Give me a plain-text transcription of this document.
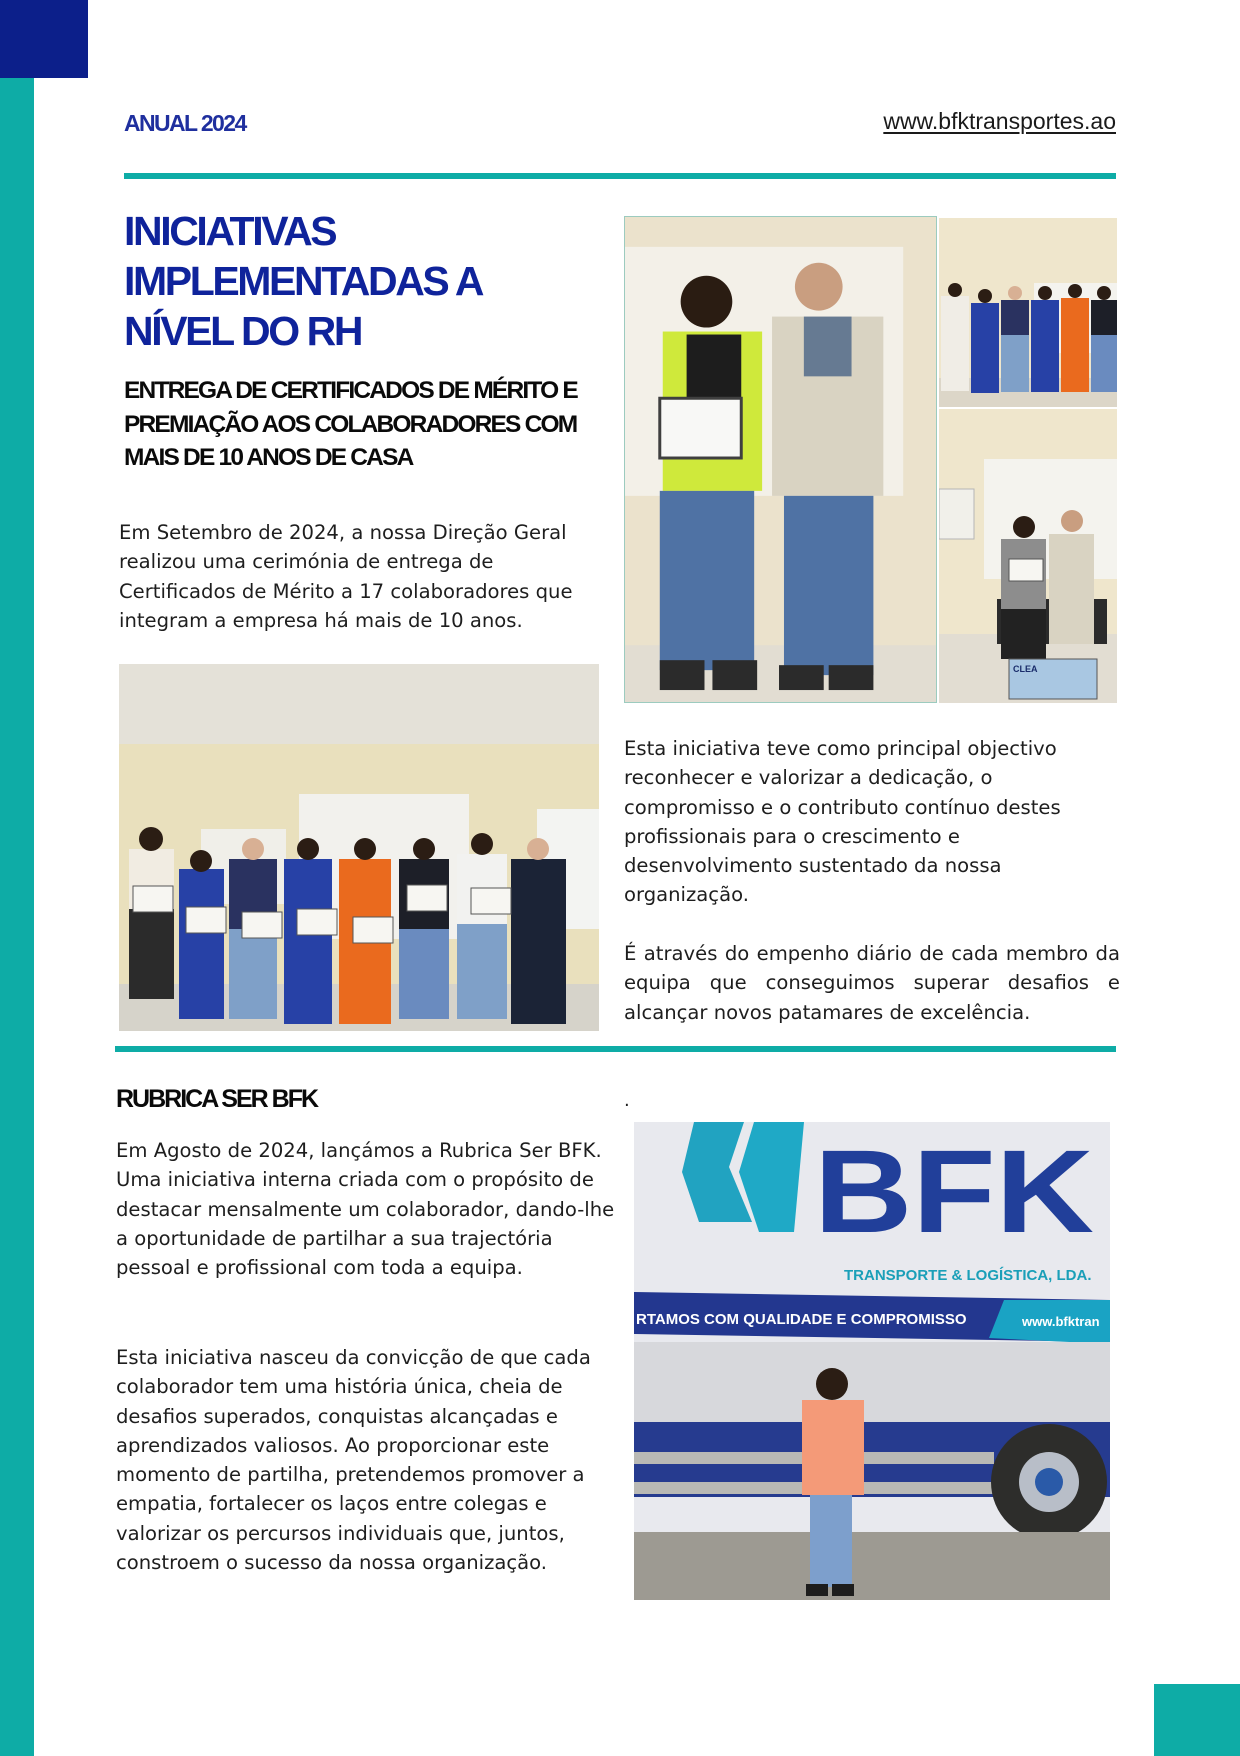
ANUAL 2024	www.bfktransportes.ao
INICIATIVAS IMPLEMENTADAS A NÍVEL DO RH
ENTREGA DE CERTIFICADOS DE MÉRITO E PREMIAÇÃO AOS COLABORADORES COM MAIS DE 10 ANOS DE CASA

Em Setembro de 2024, a nossa Direção Geral realizou uma cerimónia de entrega de Certificados de Mérito a 17 colaboradores que integram a empresa há mais de 10 anos.

CLEA

Esta iniciativa teve como principal objectivo reconhecer e valorizar a dedicação, o compromisso e o contributo contínuo destes profissionais para o crescimento e desenvolvimento sustentado da nossa organização.

É através do empenho diário de cada membro da equipa que conseguimos superar desafios e alcançar novos patamares de excelência.

RUBRICA SER BFK	.

Em Agosto de 2024, lançámos a Rubrica Ser BFK. Uma iniciativa interna criada com o propósito de destacar mensalmente um colaborador, dando-lhe a oportunidade de partilhar a sua trajectória pessoal e profissional com toda a equipa.

Esta iniciativa nasceu da convicção de que cada colaborador tem uma história única, cheia de desafios superados, conquistas alcançadas e aprendizados valiosos. Ao proporcionar este momento de partilha, pretendemos promover a empatia, fortalecer os laços entre colegas e valorizar os percursos individuais que, juntos, constroem o sucesso da nossa organização.

BFK
TRANSPORTE & LOGÍSTICA, LDA.
RTAMOS COM QUALIDADE E COMPROMISSO	www.bfktran
